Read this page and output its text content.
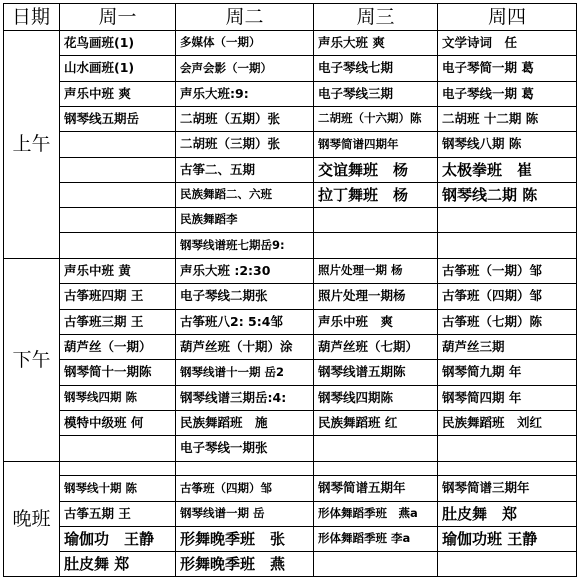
日期	周一	周二	周三	周四
上午	花鸟画班(1)	多媒体（一期）	声乐大班 爽	文学诗词　任
	山水画班(1)	会声会影（一期）	电子琴线七期	电子琴简一期 葛
	声乐中班 爽	声乐大班:9:	电子琴线三期	电子琴线一期 葛
	钢琴线五期岳	二胡班（五期）张	二胡班（十六期）陈	二胡班 十二期 陈
		二胡班（三期）张	钢琴简谱四期年	钢琴线八期 陈
		古筝二、五期	交谊舞班　杨	太极拳班　崔
		民族舞蹈二、六班	拉丁舞班　杨	钢琴线二期 陈
		民族舞蹈李		
		钢琴线谱班七期岳9:		
下午	声乐中班 黄	声乐大班 :2:30	照片处理一期 杨	古筝班（一期）邹
	古筝班四期 王	电子琴线二期张	照片处理一期杨	古筝班（四期）邹
	古筝班三期 王	古筝班八2: 5:4邹	声乐中班　爽	古筝班（七期）陈
	葫芦丝（一期）	葫芦丝班（十期）涂	葫芦丝班（七期）	葫芦丝三期
	钢琴简十一期陈	钢琴线谱十一期 岳2	钢琴线谱五期陈	钢琴简九期 年
	钢琴线四期 陈	钢琴线谱三期岳:4:	钢琴线四期陈	钢琴简四期 年
	模特中级班 何	民族舞蹈班　施	民族舞蹈班 红	民族舞蹈班　刘红
		电子琴线一期张		
晚班				
	钢琴线十期 陈	古筝班（四期）邹	钢琴简谱五期年	钢琴简谱三期年
	古筝五期 王	钢琴线谱一期 岳	形体舞蹈季班　燕a	肚皮舞　郑
	瑜伽功　王静	形舞晚季班　张	形体舞蹈季班 李a	瑜伽功班 王静
	肚皮舞 郑	形舞晚季班　燕		
